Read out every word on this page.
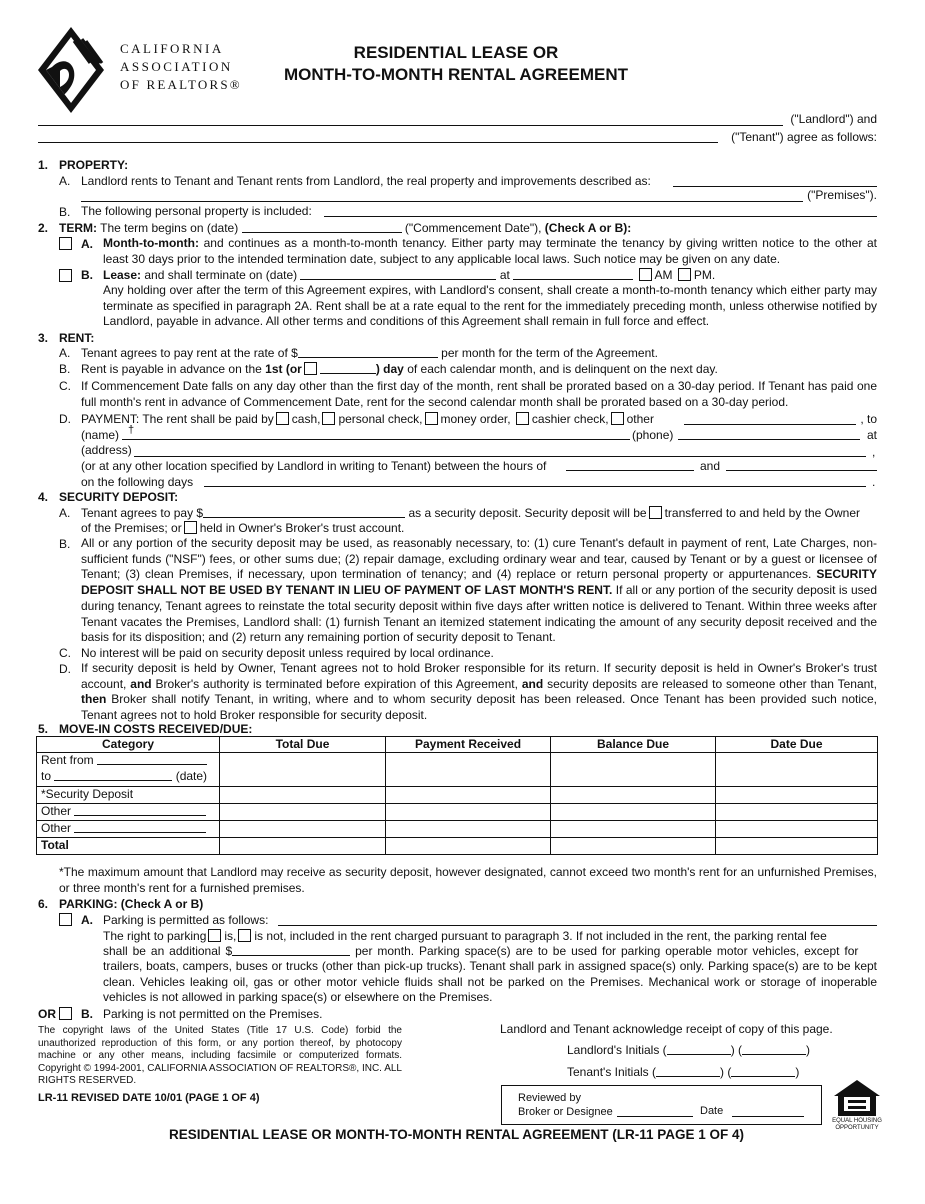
CALIFORNIA
ASSOCIATION
OF REALTORS®
RESIDENTIAL LEASE OR
MONTH-TO-MONTH RENTAL AGREEMENT
("Landlord") and
("Tenant") agree as follows:
1. PROPERTY:
A. Landlord rents to Tenant and Tenant rents from Landlord, the real property and improvements described as:
("Premises").
B. The following personal property is included:
2. TERM: The term begins on (date)	("Commencement Date"), (Check A or B):
A. Month-to-month: and continues as a month-to-month tenancy. Either party may terminate the tenancy by giving written notice to the other at least 30 days prior to the intended termination date, subject to any applicable local laws. Such notice may be given on any date.
B. Lease: and shall terminate on (date)	at	AM PM.
Any holding over after the term of this Agreement expires, with Landlord's consent, shall create a month-to-month tenancy which either party may terminate as specified in paragraph 2A. Rent shall be at a rate equal to the rent for the immediately preceding month, unless otherwise notified by Landlord, payable in advance. All other terms and conditions of this Agreement shall remain in full force and effect.
3. RENT:
A. Tenant agrees to pay rent at the rate of $	per month for the term of the Agreement.
B. Rent is payable in advance on the 1st (or	) day of each calendar month, and is delinquent on the next day.
C. If Commencement Date falls on any day other than the first day of the month, rent shall be prorated based on a 30-day period. If Tenant has paid one full month's rent in advance of Commencement Date, rent for the second calendar month shall be prorated based on a 30-day period.
D. PAYMENT: The rent shall be paid by cash, personal check, money order, cashier check, other	, to
(name) †	(phone)	at
(address)	,
(or at any other location specified by Landlord in writing to Tenant) between the hours of	and
on the following days	.
4. SECURITY DEPOSIT:
A. Tenant agrees to pay $	as a security deposit. Security deposit will be transferred to and held by the Owner
of the Premises; or held in Owner's Broker's trust account.
B. All or any portion of the security deposit may be used, as reasonably necessary, to: (1) cure Tenant's default in payment of rent, Late Charges, non-sufficient funds ("NSF") fees, or other sums due; (2) repair damage, excluding ordinary wear and tear, caused by Tenant or by a guest or licensee of Tenant; (3) clean Premises, if necessary, upon termination of tenancy; and (4) replace or return personal property or appurtenances. SECURITY DEPOSIT SHALL NOT BE USED BY TENANT IN LIEU OF PAYMENT OF LAST MONTH'S RENT. If all or any portion of the security deposit is used during tenancy, Tenant agrees to reinstate the total security deposit within five days after written notice is delivered to Tenant. Within three weeks after Tenant vacates the Premises, Landlord shall: (1) furnish Tenant an itemized statement indicating the amount of any security deposit received and the basis for its disposition; and (2) return any remaining portion of security deposit to Tenant.
C. No interest will be paid on security deposit unless required by local ordinance.
D. If security deposit is held by Owner, Tenant agrees not to hold Broker responsible for its return. If security deposit is held in Owner's Broker's trust account, and Broker's authority is terminated before expiration of this Agreement, and security deposits are released to someone other than Tenant, then Broker shall notify Tenant, in writing, where and to whom security deposit has been released. Once Tenant has been provided such notice, Tenant agrees not to hold Broker responsible for security deposit.
5. MOVE-IN COSTS RECEIVED/DUE:
Category	Total Due	Payment Received	Balance Due	Date Due

Rent from
to (date)				

*Security Deposit				
Other				
Other				
Total				
*The maximum amount that Landlord may receive as security deposit, however designated, cannot exceed two month's rent for an unfurnished Premises, or three month's rent for a furnished premises.
6. PARKING: (Check A or B)
A. Parking is permitted as follows:
The right to parking is, is not, included in the rent charged pursuant to paragraph 3. If not included in the rent, the parking rental fee
shall be an additional $	per month. Parking space(s) are to be used for parking operable motor vehicles, except for
trailers, boats, campers, buses or trucks (other than pick-up trucks). Tenant shall park in assigned space(s) only. Parking space(s) are to be kept clean. Vehicles leaking oil, gas or other motor vehicle fluids shall not be parked on the Premises. Mechanical work or storage of inoperable vehicles is not allowed in parking space(s) or elsewhere on the Premises.
OR B. Parking is not permitted on the Premises.
The copyright laws of the United States (Title 17 U.S. Code) forbid the unauthorized reproduction of this form, or any portion thereof, by photocopy machine or any other means, including facsimile or computerized formats. Copyright © 1994-2001, CALIFORNIA ASSOCIATION OF REALTORS®, INC. ALL RIGHTS RESERVED.
LR-11 REVISED DATE 10/01 (PAGE 1 OF 4)
Landlord and Tenant acknowledge receipt of copy of this page.
Landlord's Initials (	) (	)
Tenant's Initials (	) (	)
Reviewed by
Broker or Designee	Date
EQUAL HOUSING
OPPORTUNITY
RESIDENTIAL LEASE OR MONTH-TO-MONTH RENTAL AGREEMENT (LR-11 PAGE 1 OF 4)
